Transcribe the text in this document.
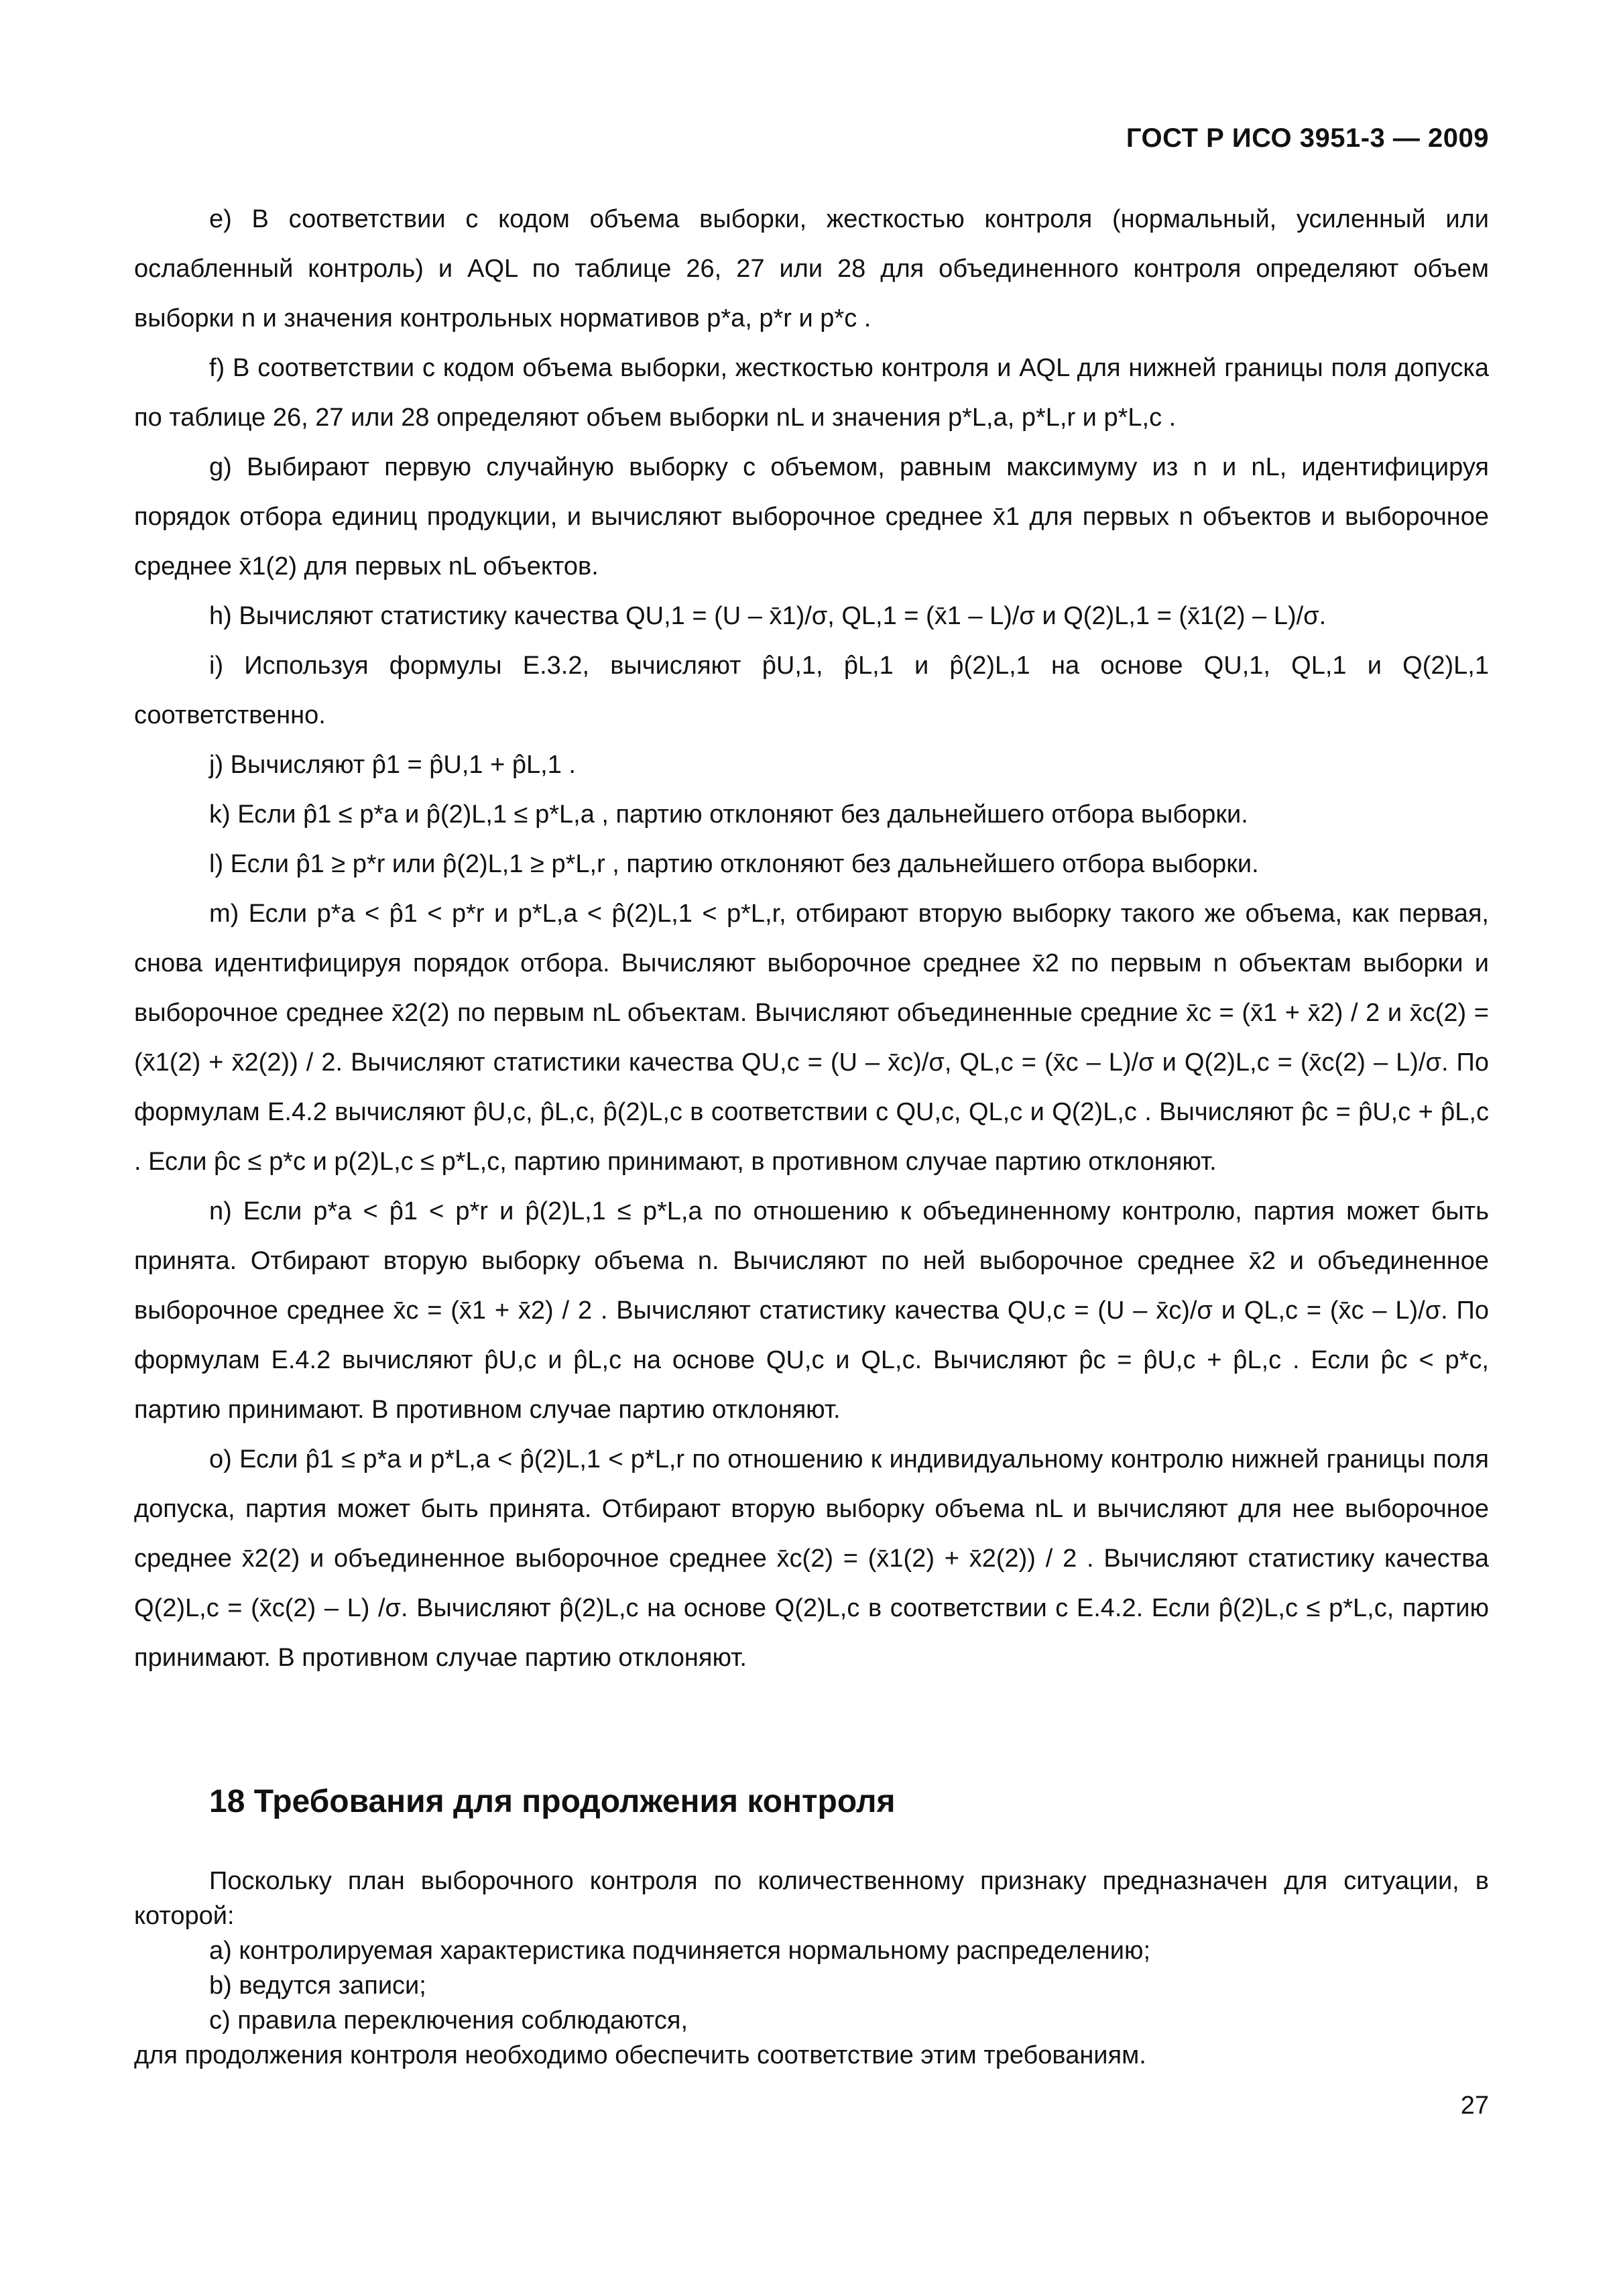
ГОСТ Р ИСО 3951-3 — 2009

e) В соответствии с кодом объема выборки, жесткостью контроля (нормальный, усиленный или ослабленный контроль) и AQL по таблице 26, 27 или 28 для объединенного контроля определяют объем выборки n и значения контрольных нормативов p*a, p*r и p*c .

f) В соответствии с кодом объема выборки, жесткостью контроля и AQL для нижней границы поля допуска по таблице 26, 27 или 28 определяют объем выборки nL и значения p*L,a, p*L,r и p*L,c .

g) Выбирают первую случайную выборку с объемом, равным максимуму из n и nL, идентифицируя порядок отбора единиц продукции, и вычисляют выборочное среднее x̄1 для первых n объектов и выборочное среднее x̄1(2) для первых nL объектов.

h) Вычисляют статистику качества QU,1 = (U – x̄1)/σ, QL,1 = (x̄1 – L)/σ и Q(2)L,1 = (x̄1(2) – L)/σ.

i) Используя формулы Е.3.2, вычисляют p̂U,1, p̂L,1 и p̂(2)L,1 на основе QU,1, QL,1 и Q(2)L,1 соответственно.

j) Вычисляют p̂1 = p̂U,1 + p̂L,1 .

k) Если p̂1 ≤ p*a и p̂(2)L,1 ≤ p*L,a , партию отклоняют без дальнейшего отбора выборки.

l) Если p̂1 ≥ p*r или p̂(2)L,1 ≥ p*L,r , партию отклоняют без дальнейшего отбора выборки.

m) Если p*a < p̂1 < p*r и p*L,a < p̂(2)L,1 < p*L,r, отбирают вторую выборку такого же объема, как первая, снова идентифицируя порядок отбора. Вычисляют выборочное среднее x̄2 по первым n объектам выборки и выборочное среднее x̄2(2) по первым nL объектам. Вычисляют объединенные средние x̄c = (x̄1 + x̄2) / 2 и x̄c(2) = (x̄1(2) + x̄2(2)) / 2. Вычисляют статистики качества QU,c = (U – x̄c)/σ, QL,c = (x̄c – L)/σ и Q(2)L,c = (x̄c(2) – L)/σ. По формулам Е.4.2 вычисляют p̂U,c, p̂L,c, p̂(2)L,c в соответствии с QU,c, QL,c и Q(2)L,c . Вычисляют p̂c = p̂U,c + p̂L,c . Если p̂c ≤ p*c и p(2)L,c ≤ p*L,c, партию принимают, в противном случае партию отклоняют.

n) Если p*a < p̂1 < p*r и p̂(2)L,1 ≤ p*L,a по отношению к объединенному контролю, партия может быть принята. Отбирают вторую выборку объема n. Вычисляют по ней выборочное среднее x̄2 и объединенное выборочное среднее x̄c = (x̄1 + x̄2) / 2 . Вычисляют статистику качества QU,c = (U – x̄c)/σ и QL,c = (x̄c – L)/σ. По формулам Е.4.2 вычисляют p̂U,c и p̂L,c на основе QU,c и QL,c. Вычисляют p̂c = p̂U,c + p̂L,c . Если p̂c < p*c, партию принимают. В противном случае партию отклоняют.

o) Если p̂1 ≤ p*a и p*L,a < p̂(2)L,1 < p*L,r по отношению к индивидуальному контролю нижней границы поля допуска, партия может быть принята. Отбирают вторую выборку объема nL и вычисляют для нее выборочное среднее x̄2(2) и объединенное выборочное среднее x̄c(2) = (x̄1(2) + x̄2(2)) / 2 . Вычисляют статистику качества Q(2)L,c = (x̄c(2) – L) /σ. Вычисляют p̂(2)L,c на основе Q(2)L,c в соответствии с Е.4.2. Если p̂(2)L,c ≤ p*L,c, партию принимают. В противном случае партию отклоняют.

18 Требования для продолжения контроля

Поскольку план выборочного контроля по количественному признаку предназначен для ситуации, в которой:

a) контролируемая характеристика подчиняется нормальному распределению;

b) ведутся записи;

c) правила переключения соблюдаются,

для продолжения контроля необходимо обеспечить соответствие этим требованиям.

27
